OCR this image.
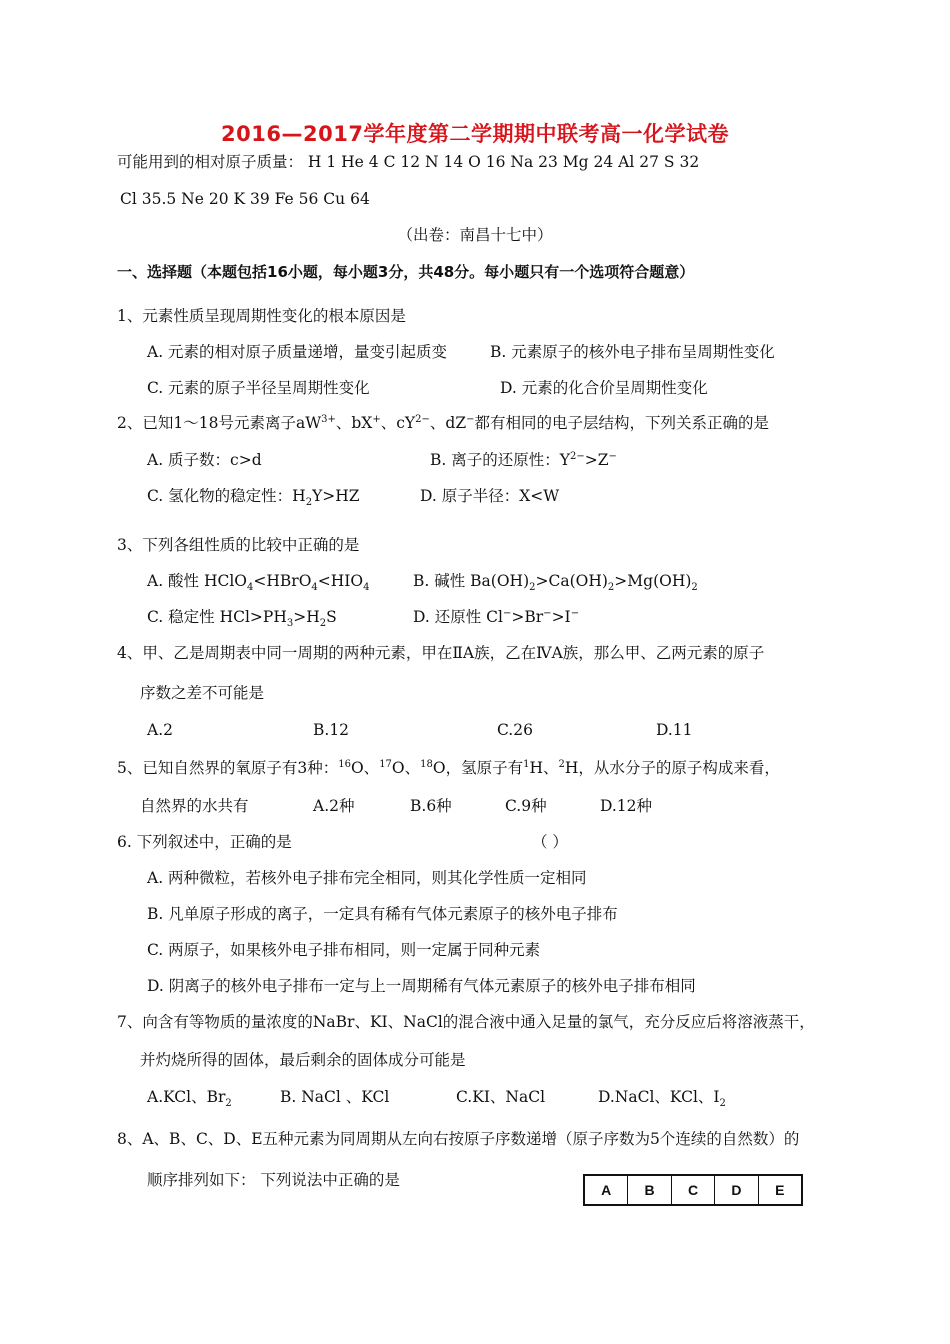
2016—2017学年度第二学期期中联考高一化学试卷
可能用到的相对原子质量： H 1 He 4 C 12 N 14 O 16 Na 23 Mg 24 Al 27 S 32
Cl 35.5 Ne 20 K 39 Fe 56 Cu 64
（出卷：南昌十七中）
一、选择题（本题包括16小题，每小题3分，共48分。每小题只有一个选项符合题意）
1、元素性质呈现周期性变化的根本原因是
A. 元素的相对原子质量递增，量变引起质变	B. 元素原子的核外电子排布呈周期性变化
C. 元素的原子半径呈周期性变化	D. 元素的化合价呈周期性变化
2、已知1～18号元素离子$aW^{3+}$、bX+、$cY^{2-}$、dZ−都有相同的电子层结构，下列关系正确的是
A. 质子数：c>d	B. 离子的还原性：$Y^{2-}>Z^-$
C. 氢化物的稳定性：$H_2Y>HZ$	D. 原子半径：X<W
3、下列各组性质的比较中正确的是
A. 酸性 $HClO_4<HBrO_4<HIO_4$	B. 碱性 $Ba(OH)_2>Ca(OH)_2>Mg(OH)_2$
C. 稳定性 $HCl>PH_3>H_2S$	D. 还原性 Cl−>Br−>I−
4、甲、乙是周期表中同一周期的两种元素，甲在ⅡA族，乙在ⅣA族，那么甲、乙两元素的原子
序数之差不可能是
A.2	B.12	C.26	D.11
5、已知自然界的氧原子有3种：$^{16}$O、$^{17}$O、$^{18}$O，氢原子有$^1$H、$^2$H，从水分子的原子构成来看，
自然界的水共有	A.2种	B.6种	C.9种	D.12种
6. 下列叙述中，正确的是	（ ）
A. 两种微粒，若核外电子排布完全相同，则其化学性质一定相同
B. 凡单原子形成的离子，一定具有稀有气体元素原子的核外电子排布
C. 两原子，如果核外电子排布相同，则一定属于同种元素
D. 阴离子的核外电子排布一定与上一周期稀有气体元素原子的核外电子排布相同
7、向含有等物质的量浓度的NaBr、KI、NaCl的混合液中通入足量的氯气，充分反应后将溶液蒸干，
并灼烧所得的固体，最后剩余的固体成分可能是
A.KCl、$Br_2$	B. NaCl 、KCl	C.KI、NaCl	D.NaCl、KCl、$I_2$
8、A、B、C、D、E五种元素为同周期从左向右按原子序数递增（原子序数为5个连续的自然数）的
顺序排列如下： 下列说法中正确的是
A	B	C	D	E
